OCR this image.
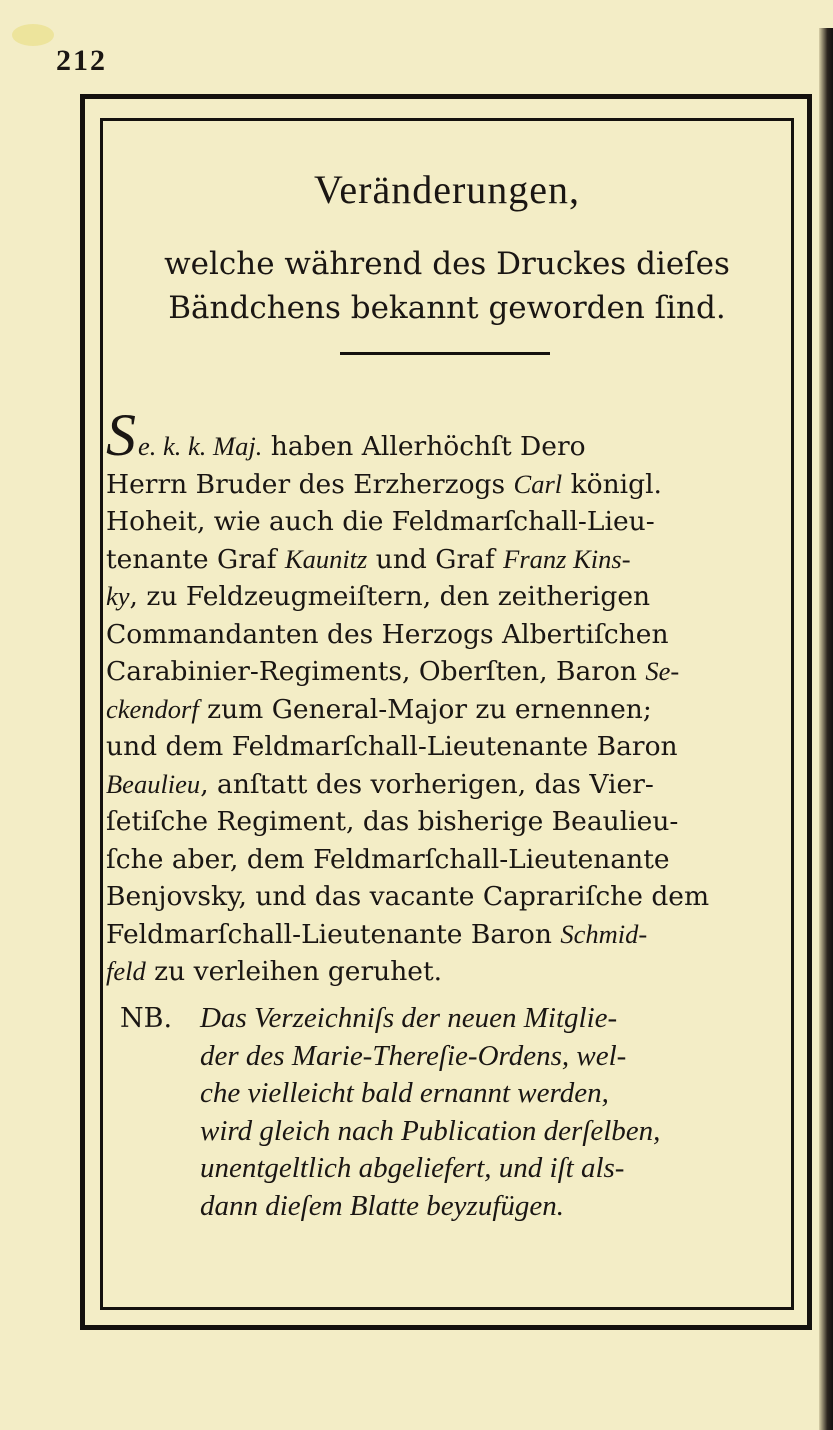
212
Veränderungen,
welche während des Druckes dieſes
Bändchens bekannt geworden ſind.
Se. k. k. Maj. haben Allerhöchſt Dero
Herrn Bruder des Erzherzogs Carl königl.
Hoheit, wie auch die Feldmarſchall-Lieu-
tenante Graf Kaunitz und Graf Franz Kins-
ky, zu Feldzeugmeiſtern, den zeitherigen
Commandanten des Herzogs Albertiſchen
Carabinier-Regiments, Oberſten, Baron Se-
ckendorf zum General-Major zu ernennen;
und dem Feldmarſchall-Lieutenante Baron
Beaulieu, anſtatt des vorherigen, das Vier-
ſetiſche Regiment, das bisherige Beaulieu-
ſche aber, dem Feldmarſchall-Lieutenante
Benjovsky, und das vacante Caprariſche dem
Feldmarſchall-Lieutenante Baron Schmid-
feld zu verleihen geruhet.
NB. Das Verzeichniſs der neuen Mitglie-
der des Marie-Thereſie-Ordens, wel-
che vielleicht bald ernannt werden,
wird gleich nach Publication derſelben,
unentgeltlich abgeliefert, und iſt als-
dann dieſem Blatte beyzufügen.
